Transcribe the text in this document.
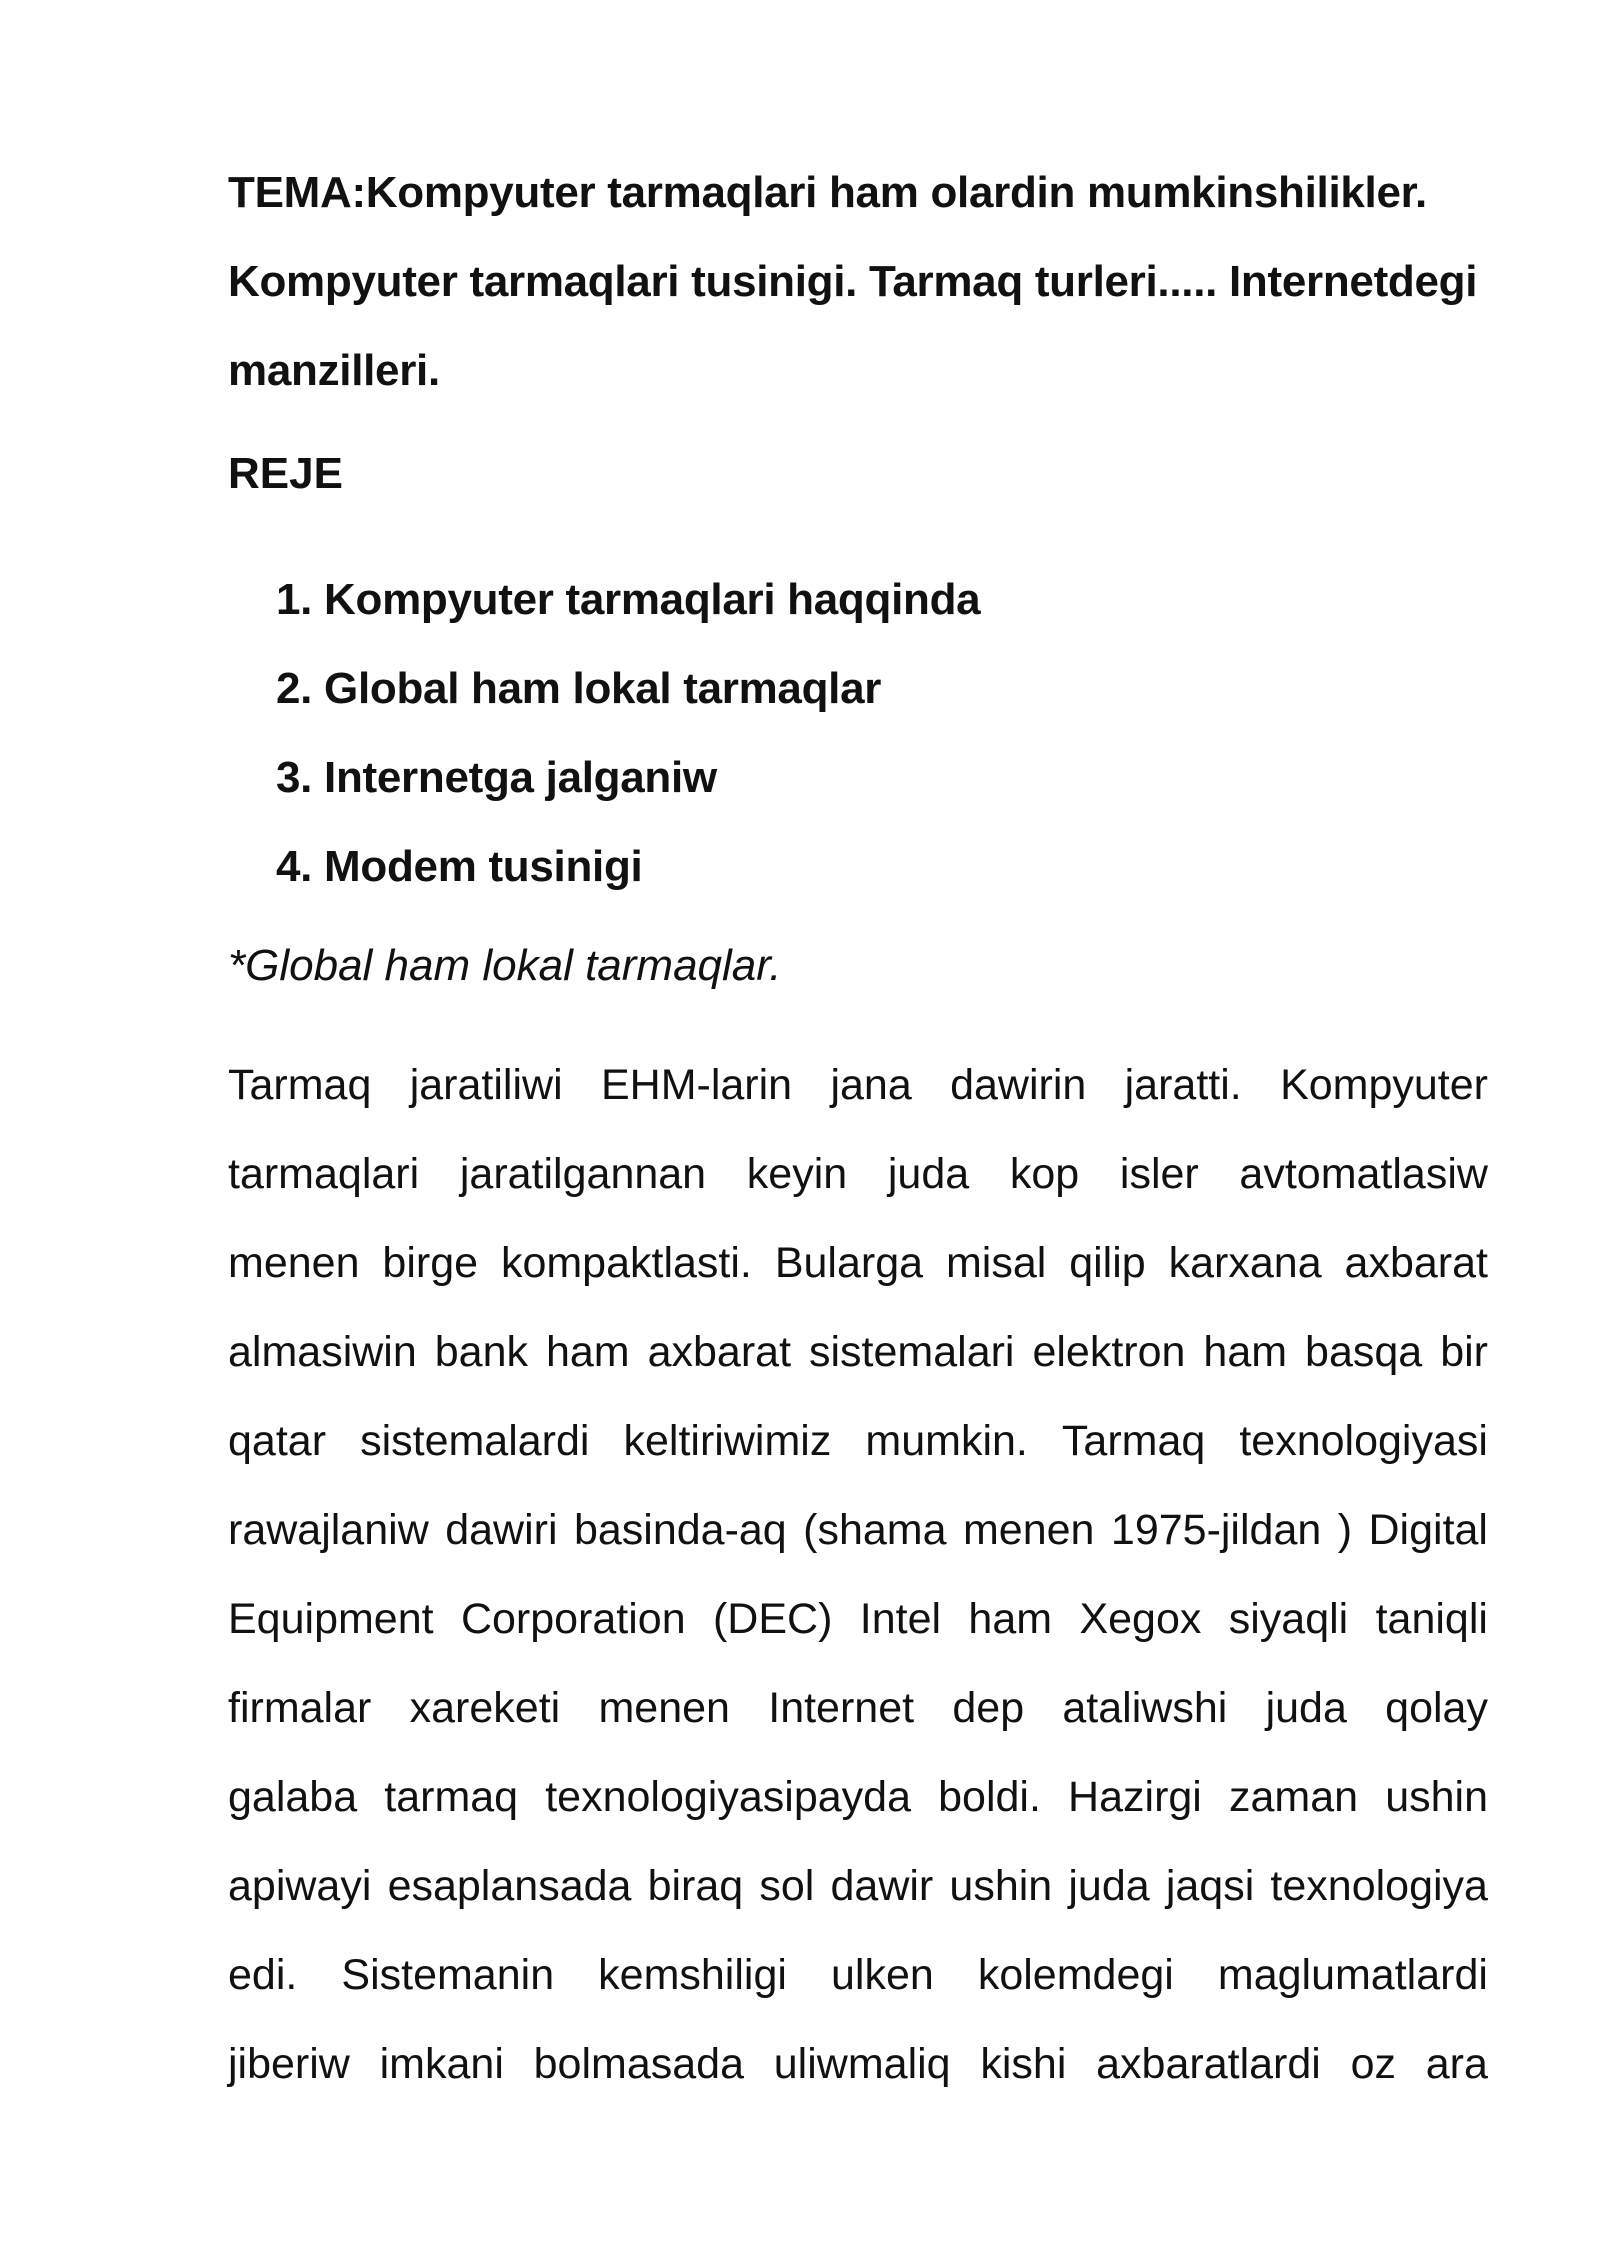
TEMA:Kompyuter tarmaqlari ham olardin mumkinshilikler.
Kompyuter tarmaqlari tusinigi. Tarmaq turleri..... Internetdegi
manzilleri.

REJE

1. Kompyuter tarmaqlari haqqinda
2. Global ham lokal tarmaqlar
3. Internetga jalganiw
4. Modem tusinigi

*Global ham lokal tarmaqlar.

Tarmaq jaratiliwi EHM-larin jana dawirin jaratti. Kompyuter
tarmaqlari jaratilgannan keyin juda kop isler avtomatlasiw
menen birge kompaktlasti. Bularga misal qilip karxana axbarat
almasiwin bank ham axbarat sistemalari elektron ham basqa bir
qatar sistemalardi keltiriwimiz mumkin. Tarmaq texnologiyasi
rawajlaniw dawiri basinda-aq (shama menen 1975-jildan ) Digital
Equipment Corporation (DEC) Intel ham Xegox siyaqli taniqli
firmalar xareketi menen Internet dep ataliwshi juda qolay
galaba tarmaq texnologiyasipayda boldi. Hazirgi zaman ushin
apiwayi esaplansada biraq sol dawir ushin juda jaqsi texnologiya
edi. Sistemanin kemshiligi ulken kolemdegi maglumatlardi
jiberiw imkani bolmasada uliwmaliq kishi axbaratlardi oz ara
